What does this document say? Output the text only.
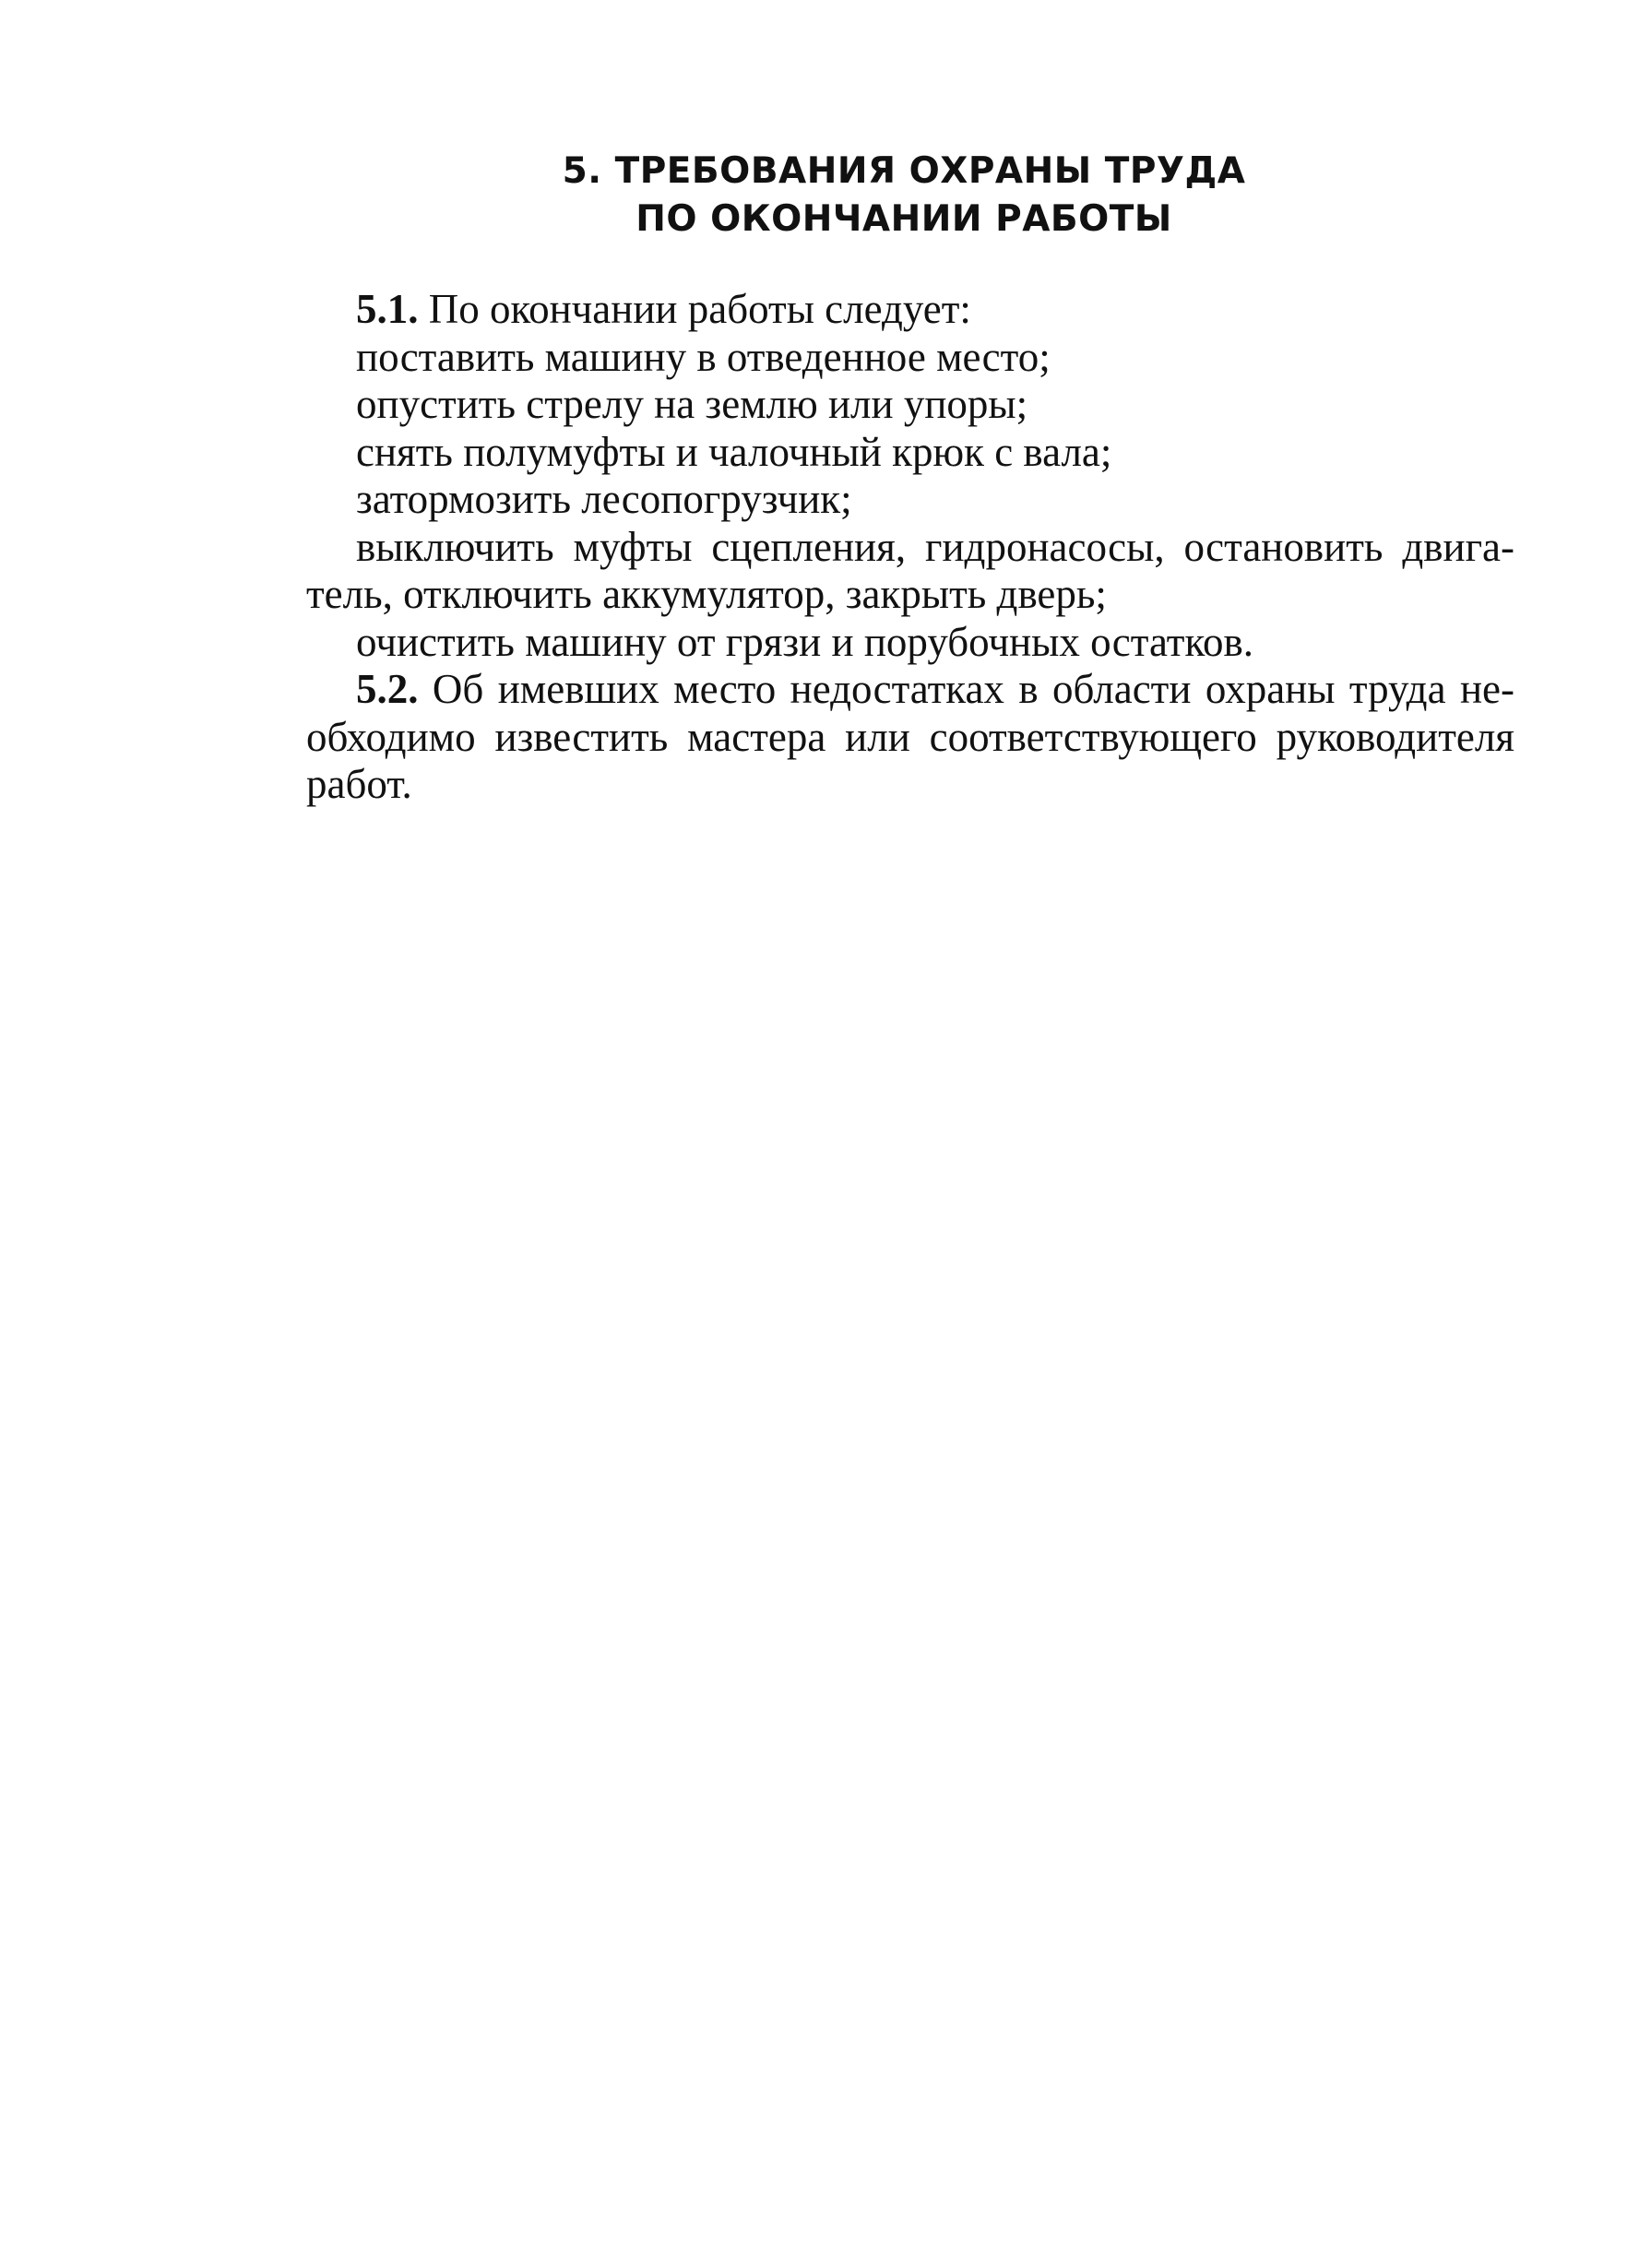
5. ТРЕБОВАНИЯ ОХРАНЫ ТРУДА
ПО ОКОНЧАНИИ РАБОТЫ
5.1. По окончании работы следует:
поставить машину в отведенное место;
опустить стрелу на землю или упоры;
снять полумуфты и чалочный крюк с вала;
затормозить лесопогрузчик;
выключить муфты сцепления, гидронасосы, остановить двига-
тель, отключить аккумулятор, закрыть дверь;
очистить машину от грязи и порубочных остатков.
5.2. Об имевших место недостатках в области охраны труда не-
обходимо известить мастера или соответствующего руководителя
работ.
